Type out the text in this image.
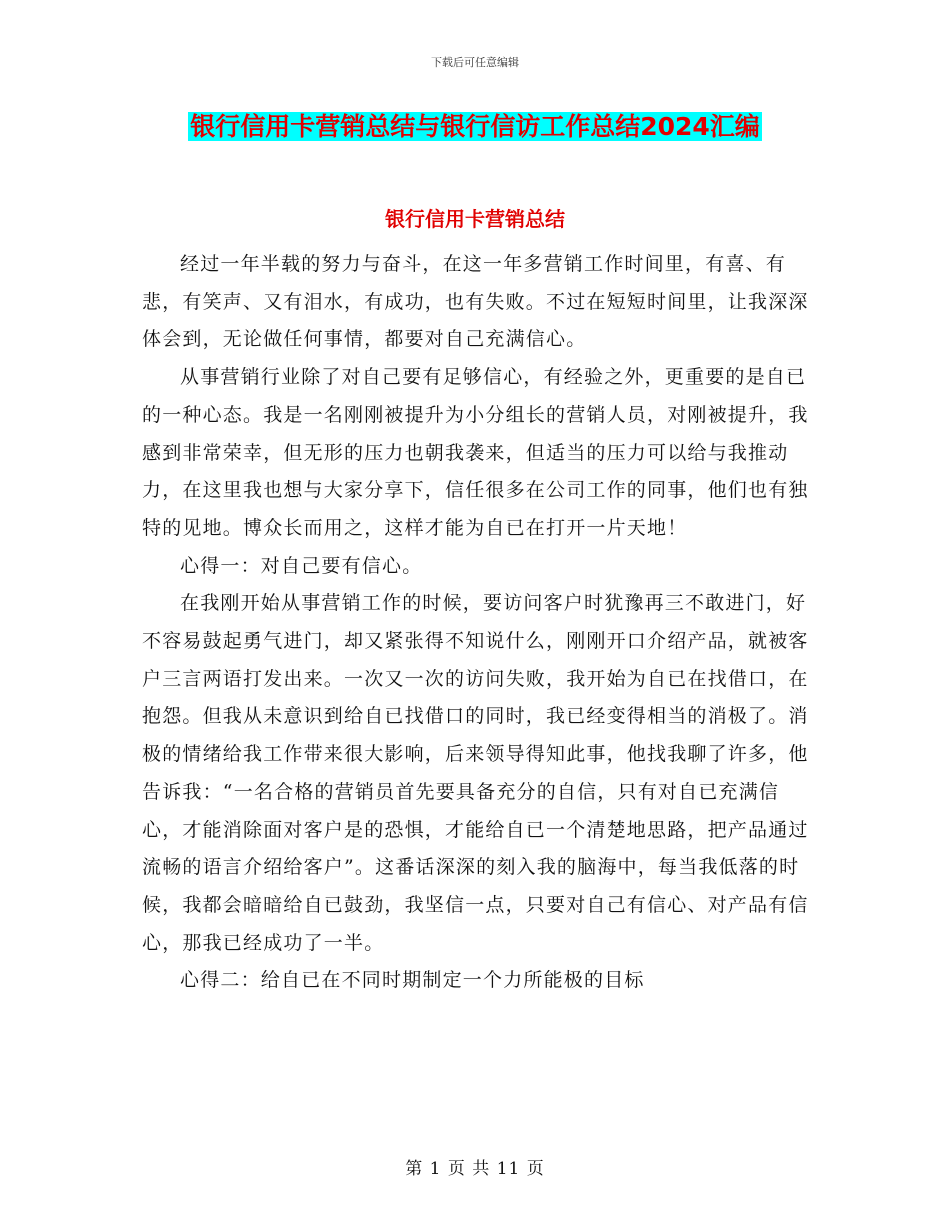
下载后可任意编辑
银行信用卡营销总结与银行信访工作总结2024汇编
银行信用卡营销总结

经过一年半载的努力与奋斗，在这一年多营销工作时间里，有喜、有悲，有笑声、又有泪水，有成功，也有失败。不过在短短时间里，让我深深体会到，无论做任何事情，都要对自己充满信心。

从事营销行业除了对自己要有足够信心，有经验之外，更重要的是自已的一种心态。我是一名刚刚被提升为小分组长的营销人员，对刚被提升，我感到非常荣幸，但无形的压力也朝我袭来，但适当的压力可以给与我推动力，在这里我也想与大家分享下，信任很多在公司工作的同事，他们也有独特的见地。博众长而用之，这样才能为自已在打开一片天地！

心得一：对自己要有信心。

在我刚开始从事营销工作的时候，要访问客户时犹豫再三不敢进门，好不容易鼓起勇气进门，却又紧张得不知说什么，刚刚开口介绍产品，就被客户三言两语打发出来。一次又一次的访问失败，我开始为自已在找借口，在抱怨。但我从未意识到给自已找借口的同时，我已经变得相当的消极了。消极的情绪给我工作带来很大影响，后来领导得知此事，他找我聊了许多，他告诉我：“一名合格的营销员首先要具备充分的自信，只有对自已充满信心，才能消除面对客户是的恐惧，才能给自已一个清楚地思路，把产品通过流畅的语言介绍给客户”。这番话深深的刻入我的脑海中，每当我低落的时候，我都会暗暗给自已鼓劲，我坚信一点，只要对自己有信心、对产品有信心，那我已经成功了一半。

心得二：给自已在不同时期制定一个力所能极的目标

第 1 页 共 11 页
